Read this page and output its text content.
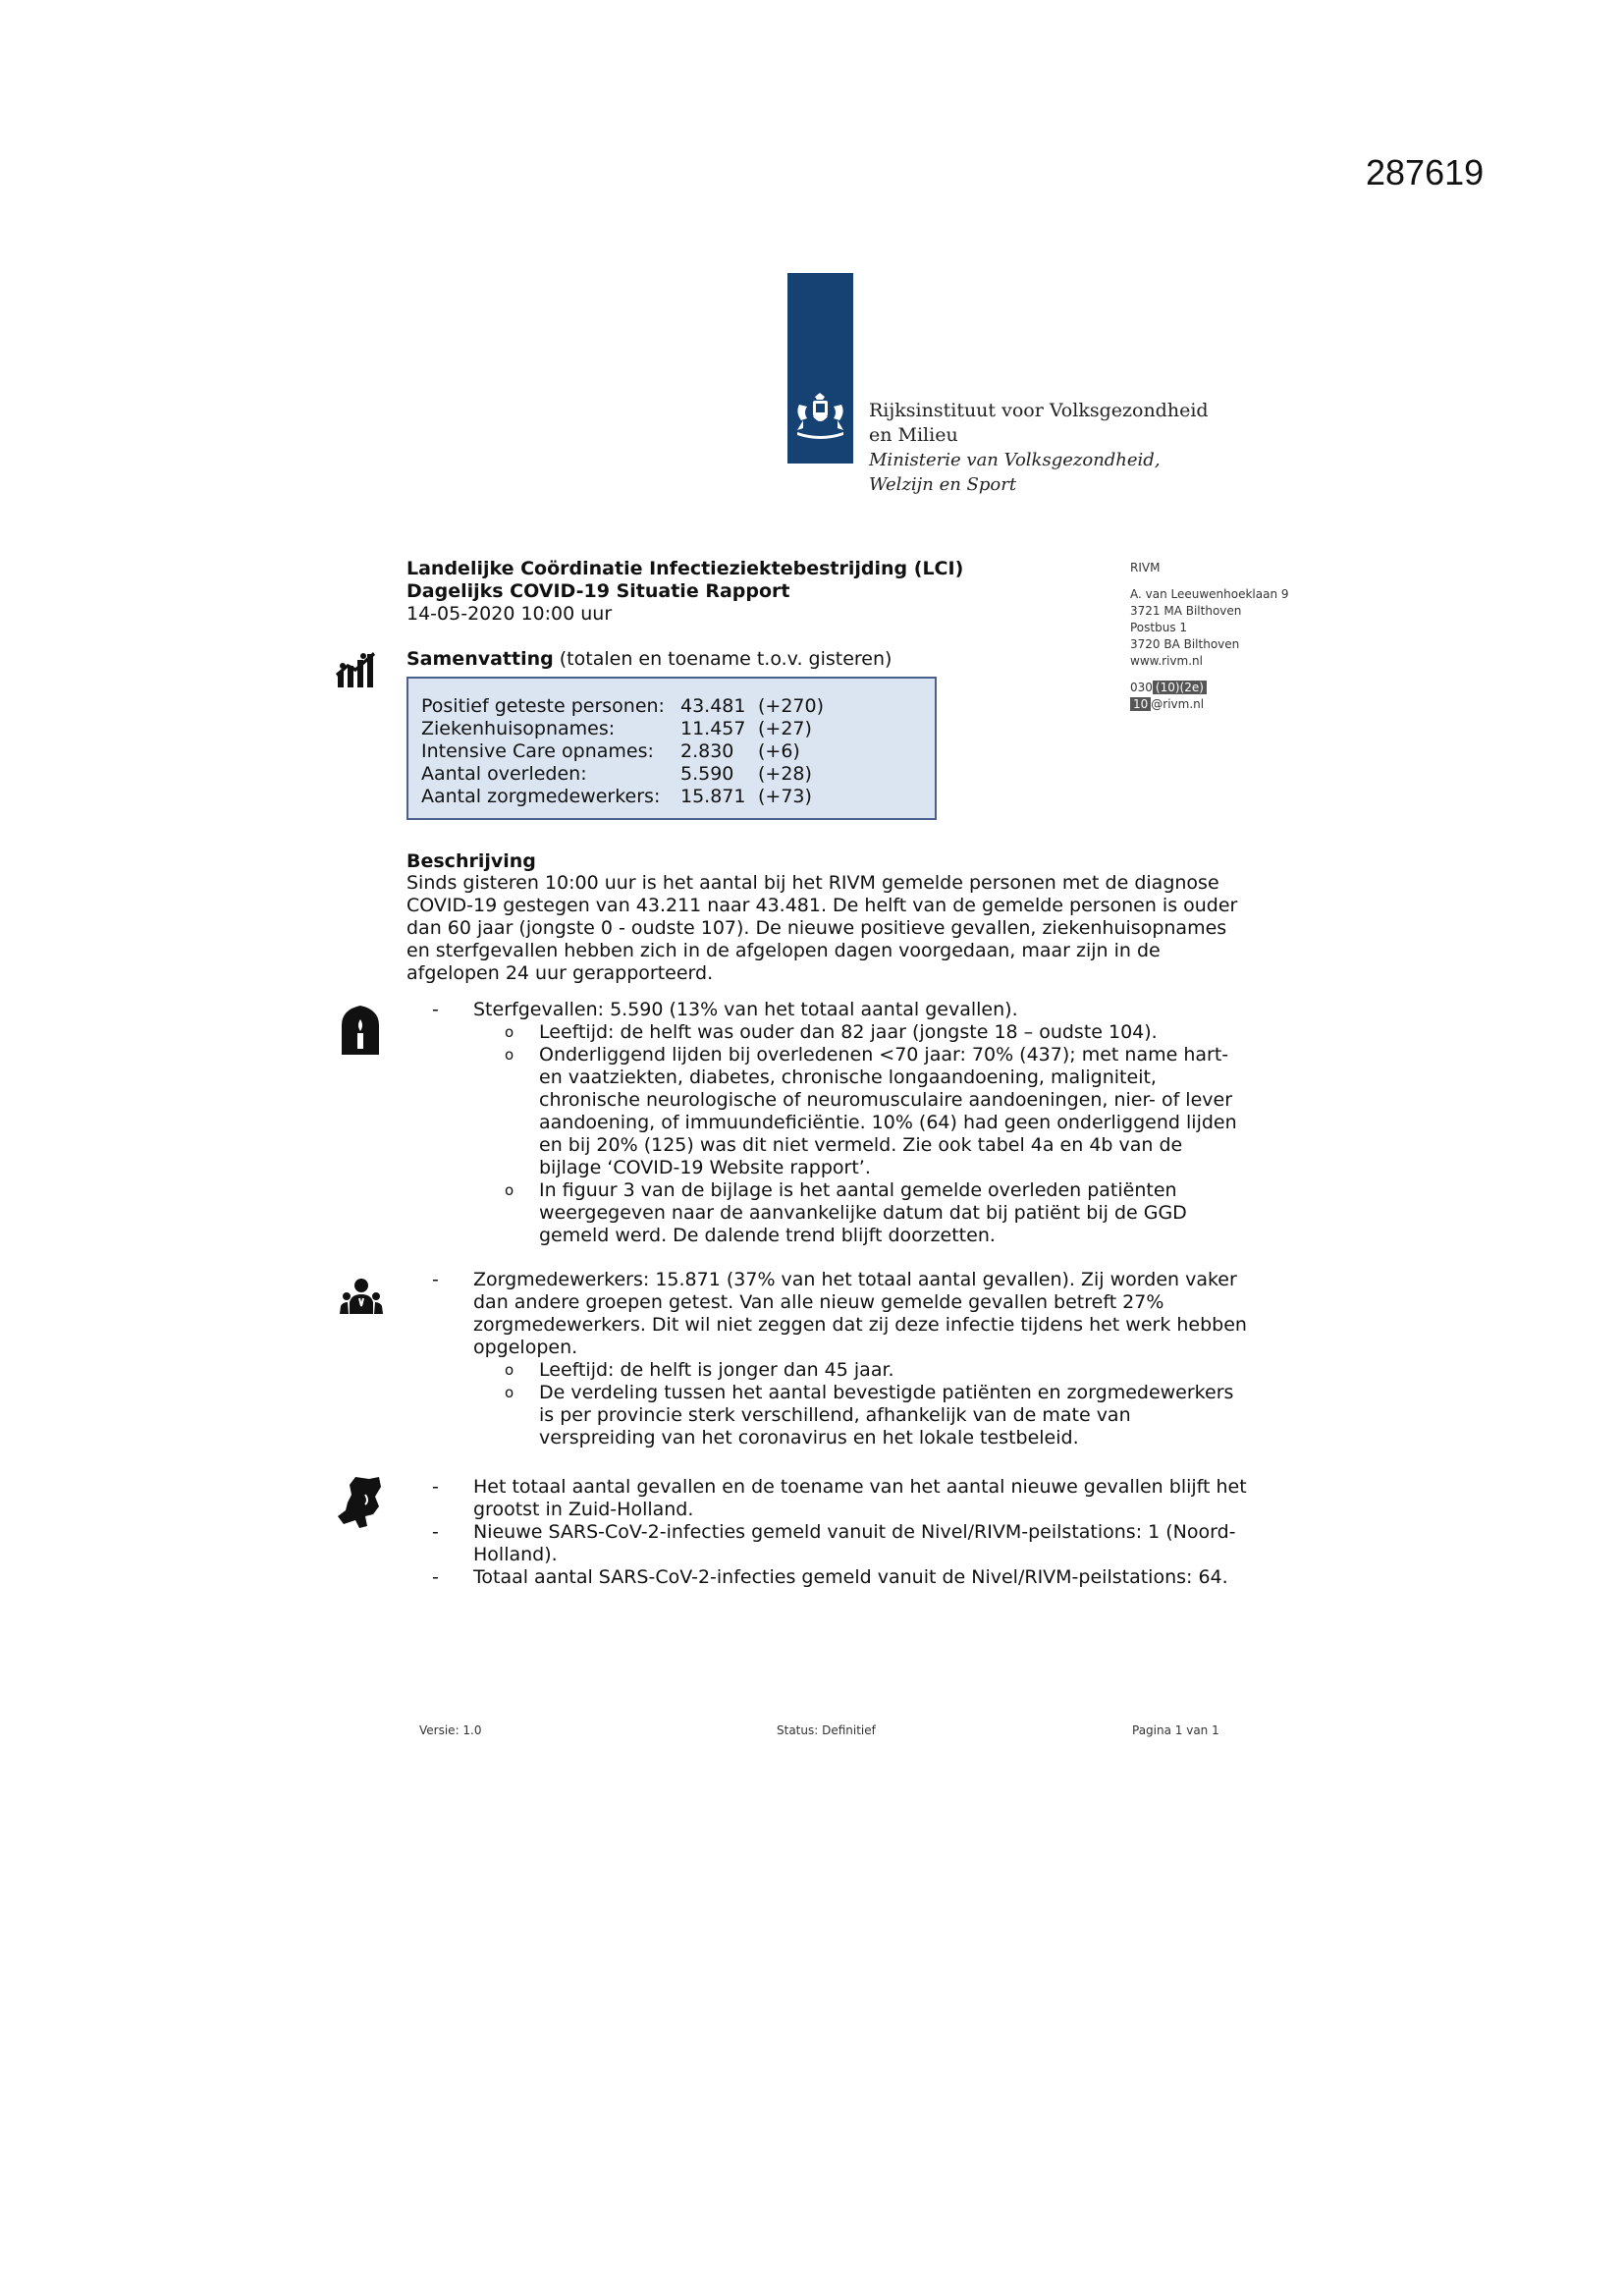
287619
Rijksinstituut voor Volksgezondheid
en Milieu
Ministerie van Volksgezondheid,
Welzijn en Sport
Landelijke Coördinatie Infectieziektebestrijding (LCI)
Dagelijks COVID-19 Situatie Rapport
14-05-2020 10:00 uur
RIVM
A. van Leeuwenhoeklaan 9
3721 MA Bilthoven
Postbus 1
3720 BA Bilthoven
www.rivm.nl
030 (10)(2e)
10 @rivm.nl
Samenvatting (totalen en toename t.o.v. gisteren)
Positief geteste personen: 43.481 (+270)
Ziekenhuisopnames:	11.457 (+27)
Intensive Care opnames:	2.830	(+6)
Aantal overleden:	5.590	(+28)
Aantal zorgmedewerkers:	15.871 (+73)
Beschrijving
Sinds gisteren 10:00 uur is het aantal bij het RIVM gemelde personen met de diagnose COVID-19 gestegen van 43.211 naar 43.481. De helft van de gemelde personen is ouder dan 60 jaar (jongste 0 - oudste 107). De nieuwe positieve gevallen, ziekenhuisopnames en sterfgevallen hebben zich in de afgelopen dagen voorgedaan, maar zijn in de afgelopen 24 uur gerapporteerd.
- Sterfgevallen: 5.590 (13% van het totaal aantal gevallen).
o Leeftijd: de helft was ouder dan 82 jaar (jongste 18 – oudste 104).
o Onderliggend lijden bij overledenen <70 jaar: 70% (437); met name hart- en vaatziekten, diabetes, chronische longaandoening, maligniteit, chronische neurologische of neuromusculaire aandoeningen, nier- of lever aandoening, of immuundeficiëntie. 10% (64) had geen onderliggend lijden en bij 20% (125) was dit niet vermeld. Zie ook tabel 4a en 4b van de bijlage ‘COVID-19 Website rapport’.
o In figuur 3 van de bijlage is het aantal gemelde overleden patiënten weergegeven naar de aanvankelijke datum dat bij patiënt bij de GGD gemeld werd. De dalende trend blijft doorzetten.
- Zorgmedewerkers: 15.871 (37% van het totaal aantal gevallen). Zij worden vaker dan andere groepen getest. Van alle nieuw gemelde gevallen betreft 27% zorgmedewerkers. Dit wil niet zeggen dat zij deze infectie tijdens het werk hebben opgelopen.
o Leeftijd: de helft is jonger dan 45 jaar.
o De verdeling tussen het aantal bevestigde patiënten en zorgmedewerkers is per provincie sterk verschillend, afhankelijk van de mate van verspreiding van het coronavirus en het lokale testbeleid.
- Het totaal aantal gevallen en de toename van het aantal nieuwe gevallen blijft het grootst in Zuid-Holland.
- Nieuwe SARS-CoV-2-infecties gemeld vanuit de Nivel/RIVM-peilstations: 1 (Noord-Holland).
- Totaal aantal SARS-CoV-2-infecties gemeld vanuit de Nivel/RIVM-peilstations: 64.
Versie: 1.0	Status: Definitief	Pagina 1 van 1
